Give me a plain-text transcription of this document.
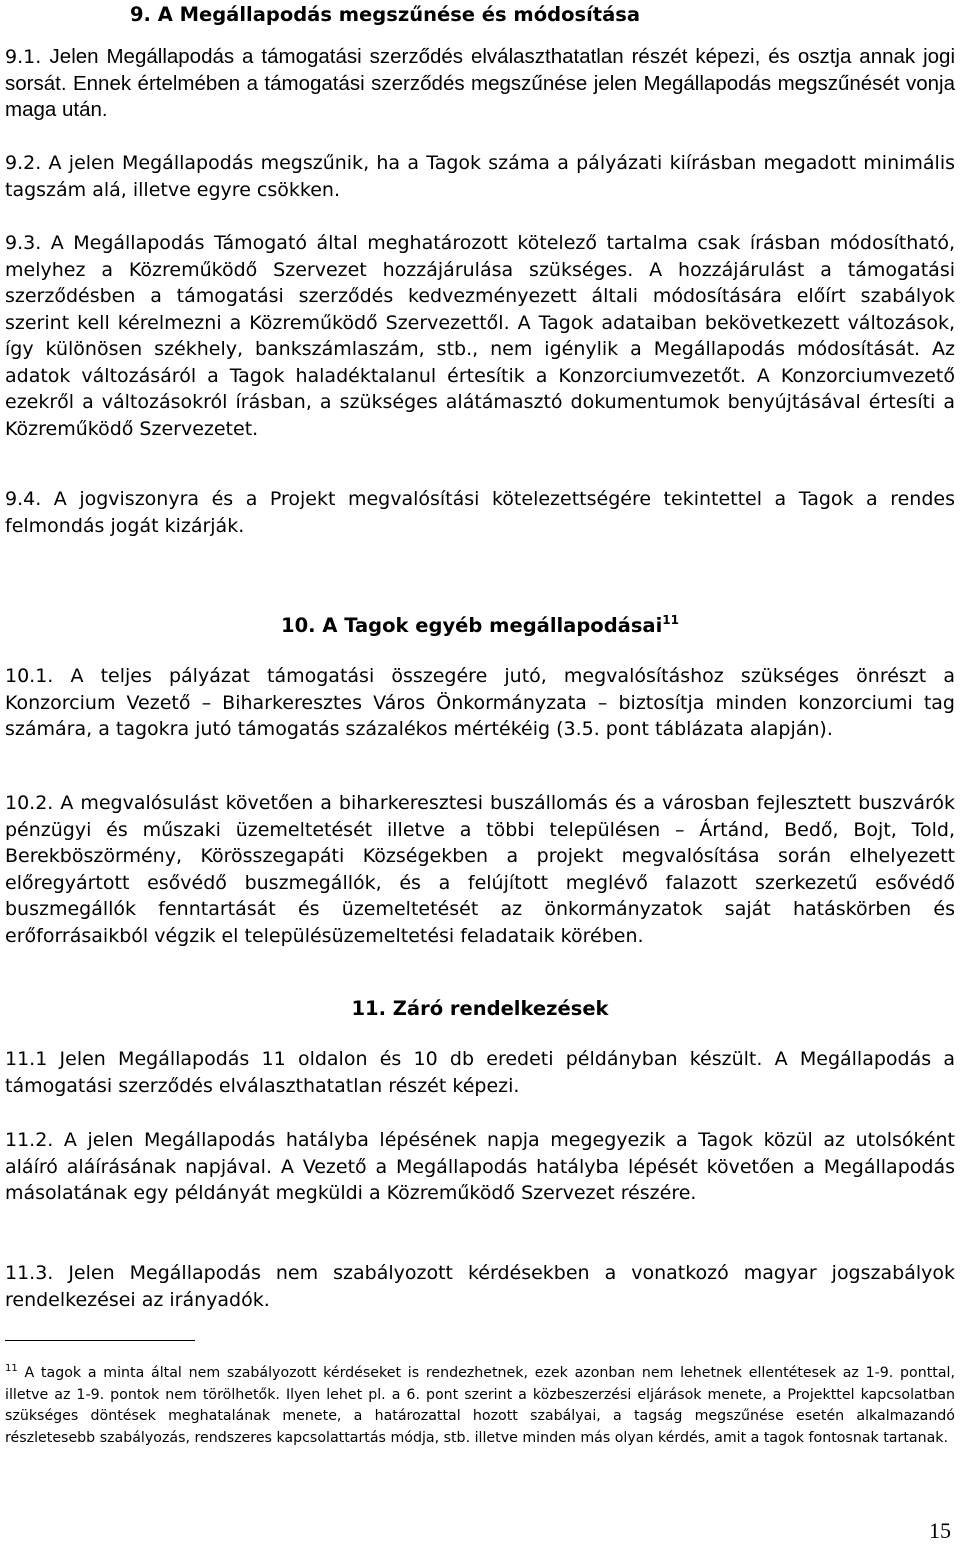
9. A Megállapodás megszűnése és módosítása

9.1. Jelen Megállapodás a támogatási szerződés elválaszthatatlan részét képezi, és osztja annak jogi sorsát. Ennek értelmében a támogatási szerződés megszűnése jelen Megállapodás megszűnését vonja maga után.

9.2. A jelen Megállapodás megszűnik, ha a Tagok száma a pályázati kiírásban megadott minimális tagszám alá, illetve egyre csökken.

9.3. A Megállapodás Támogató által meghatározott kötelező tartalma csak írásban módosítható, melyhez a Közreműködő Szervezet hozzájárulása szükséges. A hozzájárulást a támogatási szerződésben a támogatási szerződés kedvezményezett általi módosítására előírt szabályok szerint kell kérelmezni a Közreműködő Szervezettől. A Tagok adataiban bekövetkezett változások, így különösen székhely, bankszámlaszám, stb., nem igénylik a Megállapodás módosítását. Az adatok változásáról a Tagok haladéktalanul értesítik a Konzorciumvezetőt. A Konzorciumvezető ezekről a változásokról írásban, a szükséges alátámasztó dokumentumok benyújtásával értesíti a Közreműködő Szervezetet.

9.4. A jogviszonyra és a Projekt megvalósítási kötelezettségére tekintettel a Tagok a rendes felmondás jogát kizárják.

10. A Tagok egyéb megállapodásai$^{11}$

10.1. A teljes pályázat támogatási összegére jutó, megvalósításhoz szükséges önrészt a Konzorcium Vezető – Biharkeresztes Város Önkormányzata – biztosítja minden konzorciumi tag számára, a tagokra jutó támogatás százalékos mértékéig (3.5. pont táblázata alapján).

10.2. A megvalósulást követően a biharkeresztesi buszállomás és a városban fejlesztett buszvárók pénzügyi és műszaki üzemeltetését illetve a többi településen – Ártánd, Bedő, Bojt, Told, Berekböszörmény, Körösszegapáti Községekben a projekt megvalósítása során elhelyezett előregyártott esővédő buszmegállók, és a felújított meglévő falazott szerkezetű esővédő buszmegállók fenntartását és üzemeltetését az önkormányzatok saját hatáskörben és erőforrásaikból végzik el településüzemeltetési feladataik körében.

11. Záró rendelkezések

11.1 Jelen Megállapodás 11 oldalon és 10 db eredeti példányban készült. A Megállapodás a támogatási szerződés elválaszthatatlan részét képezi.

11.2. A jelen Megállapodás hatályba lépésének napja megegyezik a Tagok közül az utolsóként aláíró aláírásának napjával. A Vezető a Megállapodás hatályba lépését követően a Megállapodás másolatának egy példányát megküldi a Közreműködő Szervezet részére.

11.3. Jelen Megállapodás nem szabályozott kérdésekben a vonatkozó magyar jogszabályok rendelkezései az irányadók.

$^{11}$ A tagok a minta által nem szabályozott kérdéseket is rendezhetnek, ezek azonban nem lehetnek ellentétesek az 1-9. ponttal, illetve az 1-9. pontok nem törölhetők. Ilyen lehet pl. a 6. pont szerint a közbeszerzési eljárások menete, a Projekttel kapcsolatban szükséges döntések meghatalának menete, a határozattal hozott szabályai, a tagság megszűnése esetén alkalmazandó részletesebb szabályozás, rendszeres kapcsolattartás módja, stb. illetve minden más olyan kérdés, amit a tagok fontosnak tartanak.
15
